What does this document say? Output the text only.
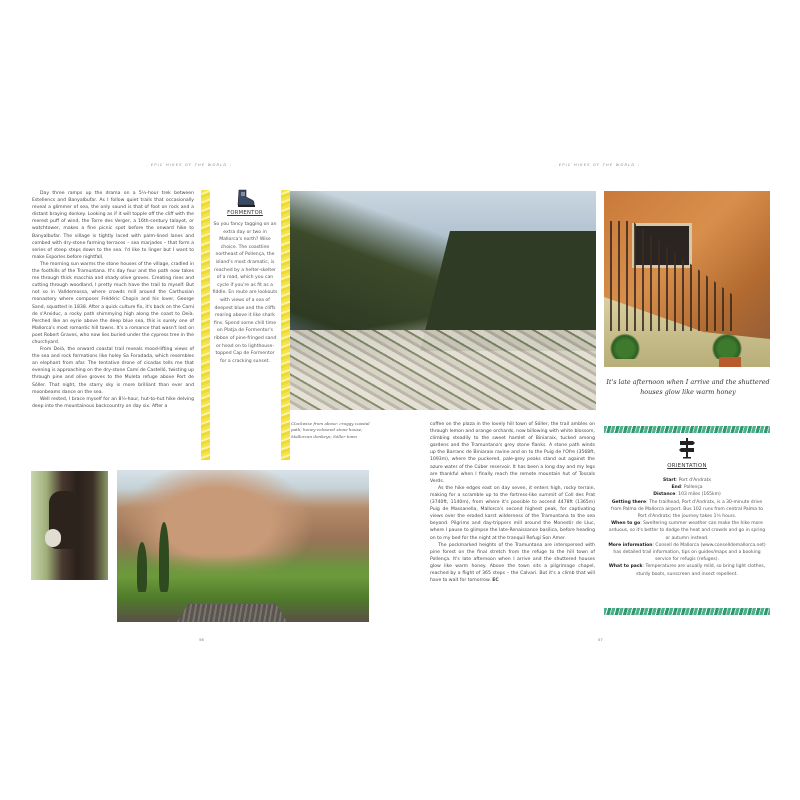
- EPIC HIKES OF THE WORLD -	- EPIC HIKES OF THE WORLD -

Day three ramps up the drama on a 5½-hour trek between Estellencs and Banyalbufar. As I follow quiet trails that occasionally reveal a glimmer of sea, the only sound is that of foot on rock and a distant braying donkey. Looking as if it will topple off the cliff with the merest puff of wind, the Torre des Verger, a 16th-century talayot, or watchtower, makes a fine picnic spot before the onward hike to Banyalbufar. The village is tightly laced with palm-lined lanes and combed with dry-stone farming terraces – sea marjades – that form a series of steep steps down to the sea. I'd like to linger but I want to make Esporles before nightfall.

The morning sun warms the stone houses of the village, cradled in the foothills of the Tramuntana. It's day four and the path now takes me through thick macchia and shady olive groves. Creating rises and cutting through woodland, I pretty much have the trail to myself. But not so in Valldemossa, where crowds mill around the Carthusian monastery where composer Frédéric Chopin and his lover, George Sand, squatted in 1838. After a quick culture fix, it's back on the Camí de s'Arxiduc, a rocky path shimmying high along the coast to Deià. Perched like an eyrie above the deep blue sea, this is surely one of Mallorca's most romantic hill towns. It's a romance that wasn't lost on poet Robert Graves, who now lies buried under the cypress tree in the churchyard.

From Deià, the onward coastal trail reveals mood-lifting views of the sea and rock formations like holey Sa Foradada, which resembles an elephant from afar. The tentative drone of cicadas tells me that evening is approaching on the dry-stone Camí de Castelló, twisting up through pine and olive groves to the Muleta refuge above Port de Sóller. That night, the starry sky is more brilliant than ever and moonbeams dance on the sea.

Well rested, I brace myself for an 8½-hour, hut-to-hut hike delving deep into the mountainous backcountry on day six. After a

FORMENTOR
So you fancy tagging on an extra day or two in Mallorca's north? Wise choice. The coastline northeast of Pollença, the island's most dramatic, is reached by a helter-skelter of a road, which you can cycle if you're as fit as a fiddle. En route are lookouts with views of a sea of deepest blue and the cliffs rearing above it like shark fins. Spend some chill time on Platja de Formentor's ribbon of pine-fringed sand or head on to lighthouse-topped Cap de Formentor for a cracking sunset.
Clockwise from above: craggy coastal path; honey-coloured stone house; Mallorcan donkeys; Sóller town
It's late afternoon when I arrive and the shuttered houses glow like warm honey
ORIENTATION
Start: Port d'Andratx
End: Pollença
Distance: 103 miles (165km)
Getting there: The trailhead, Port d'Andratx, is a 30-minute drive from Palma de Mallorca airport. Bus 102 runs from central Palma to Port d'Andratx; the journey takes 1¼ hours.
When to go: Sweltering summer weather can make the hike more arduous, so it's better to dodge the heat and crowds and go in spring or autumn instead.
More information: Consell de Mallorca (www.conselldemallorca.net) has detailed trail information, tips on guides/maps and a booking service for refugis (refuges).
What to pack: Temperatures are usually mild, so bring light clothes, sturdy boots, sunscreen and insect repellent.

coffee on the plaza in the lovely hill town of Sóller, the trail ambles on through lemon and orange orchards, now billowing with white blossom, climbing steadily to the sweet hamlet of Biniaraix, tucked among gardens and the Tramuntana's grey stone flanks. A stone path winds up the Barranc de Biniaraix ravine and on to the Puig de l'Ofre (3568ft, 1093m), where the puckered, pale-grey peaks stand out against the azure water of the Cúber reservoir. It has been a long day and my legs are thankful when I finally reach the remote mountain hut of Tossals Verds.

As the hike edges east on day seven, it enters high, rocky terrain, making for a scramble up to the fortress-like summit of Coll des Prat (3740ft, 1140m), from where it's possible to ascend 4478ft (1365m) Puig de Massanella, Mallorca's second highest peak, for captivating views over the eroded karst wilderness of the Tramuntana to the sea beyond. Pilgrims and day-trippers mill around the Monestir de Lluc, where I pause to glimpse the late-Renaissance basilica, before heading on to my bed for the night at the tranquil Refugi Son Amer.

The pockmarked heights of the Tramuntana are interspersed with pine forest on the final stretch from the refuge to the hill town of Pollença. It's late afternoon when I arrive and the shuttered houses glow like warm honey. Above the town sits a pilgrimage chapel, reached by a flight of 365 steps – the Calvari. But it's a climb that will have to wait for tomorrow. EC

56	57
